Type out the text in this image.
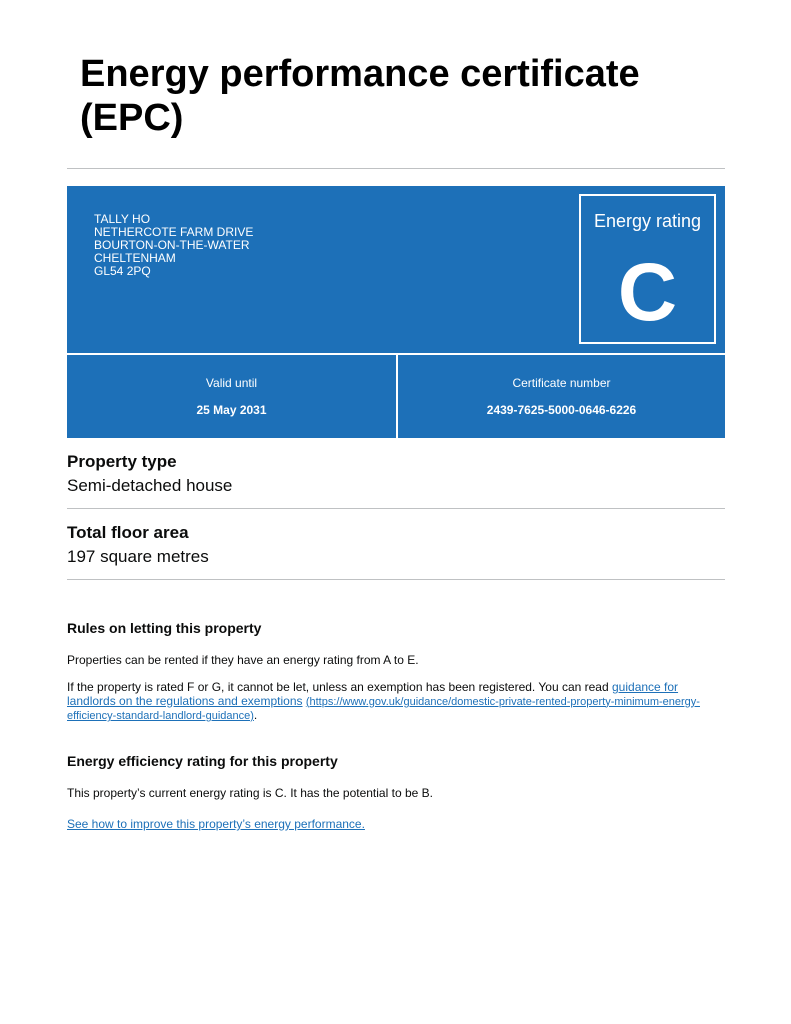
Energy performance certificate (EPC)
TALLY HO
NETHERCOTE FARM DRIVE
BOURTON-ON-THE-WATER
CHELTENHAM
GL54 2PQ
Energy rating
C
Valid until
25 May 2031
Certificate number
2439-7625-5000-0646-6226
Property type
Semi-detached house
Total floor area
197 square metres
Rules on letting this property

Properties can be rented if they have an energy rating from A to E.

If the property is rated F or G, it cannot be let, unless an exemption has been registered. You can read guidance for landlords on the regulations and exemptions (https://www.gov.uk/guidance/domestic-private-rented-property-minimum-energy-efficiency-standard-landlord-guidance).

Energy efficiency rating for this property

This property’s current energy rating is C. It has the potential to be B.

See how to improve this property’s energy performance.
